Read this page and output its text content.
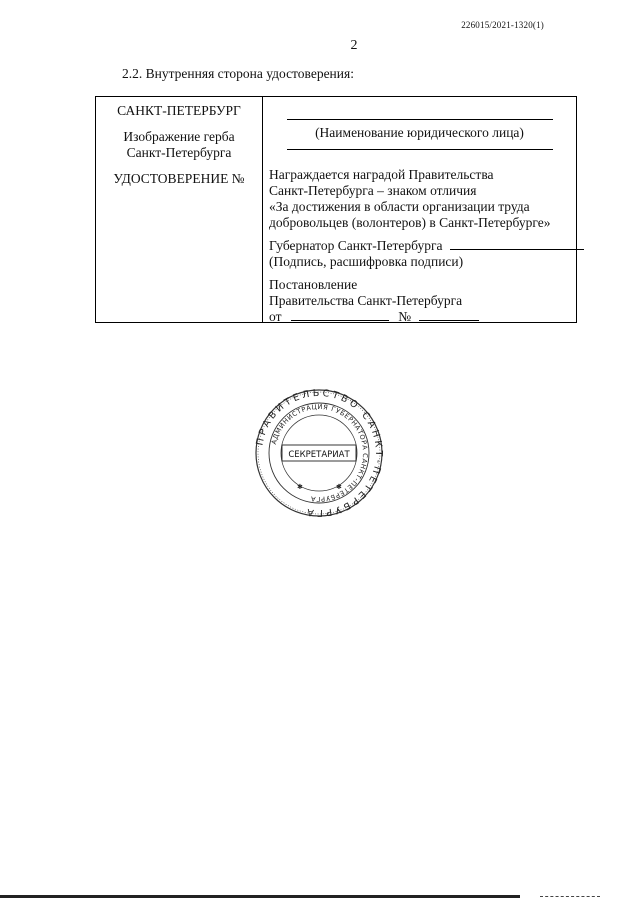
226015/2021-1320(1)
2
2.2. Внутренняя сторона удостоверения:
САНКТ-ПЕТЕРБУРГ
Изображение герба
Санкт-Петербурга
УДОСТОВЕРЕНИЕ №
(Наименование юридического лица)
Награждается наградой Правительства
Санкт-Петербурга – знаком отличия
«За достижения в области организации труда
добровольцев (волонтеров) в Санкт-Петербурге»
Губернатор Санкт-Петербурга
(Подпись, расшифровка подписи)
Постановление
Правительства Санкт-Петербурга
от	№
ПРАВИТЕЛЬСТВО САНКТ-ПЕТЕРБУРГА
АДМИНИСТРАЦИЯ ГУБЕРНАТОРА САНКТ-ПЕТЕРБУРГА
СЕКРЕТАРИАТ
✱	✱
